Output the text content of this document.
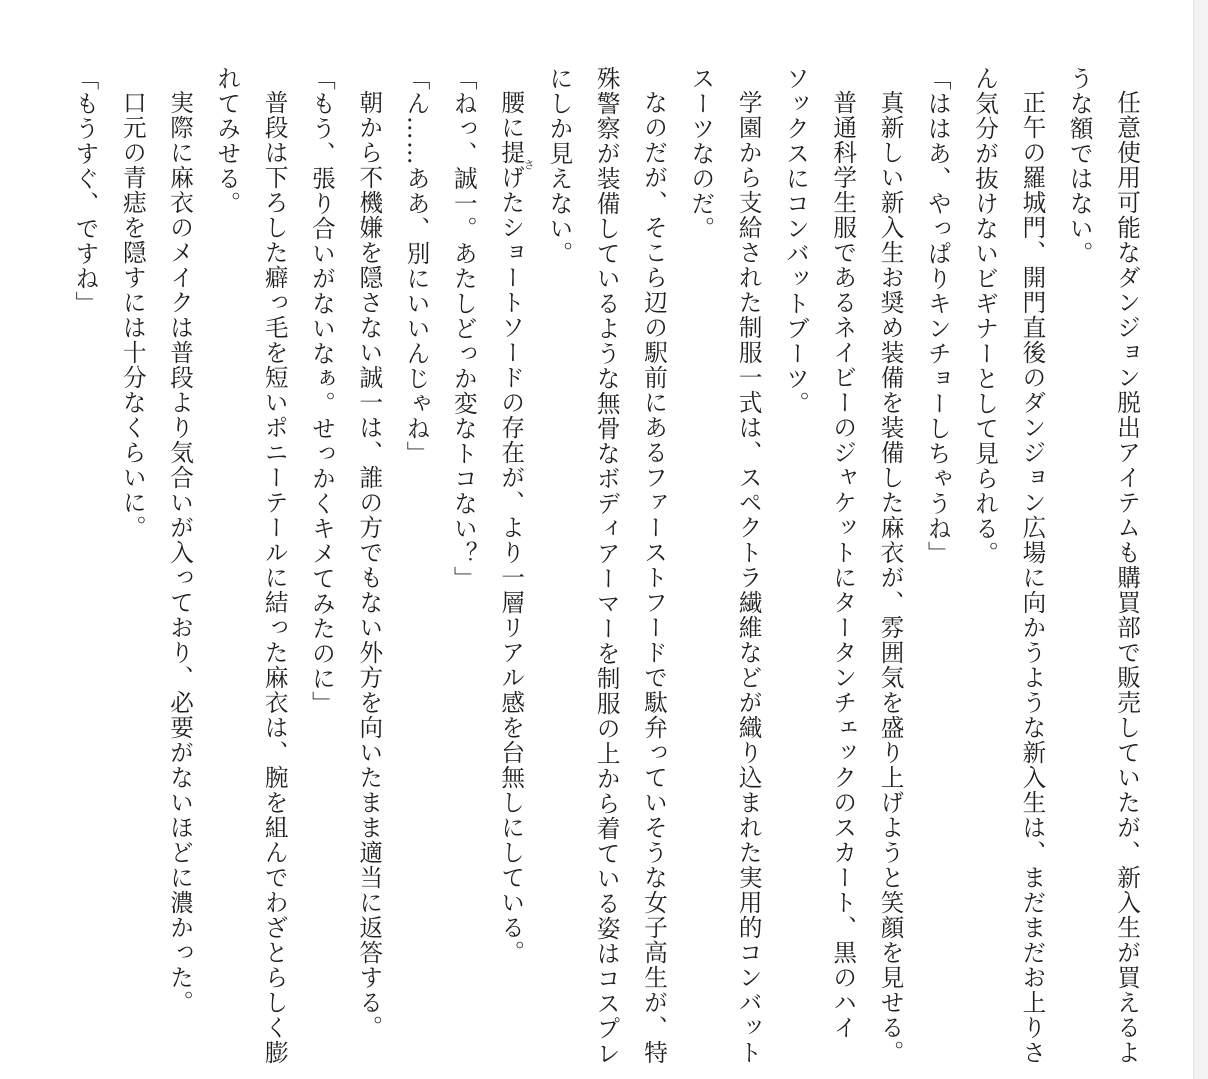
任意使用可能なダンジョン脱出アイテムも購買部で販売していたが、新入生が買えるよ
うな額ではない。
正午の羅城門、開門直後のダンジョン広場に向かうような新入生は、まだまだお上りさ
ん気分が抜けないビギナーとして見られる。
「ははあ、やっぱりキンチョーしちゃうね」
真新しい新入生お奨め装備を装備した麻衣が、雰囲気を盛り上げようと笑顔を見せる。
普通科学生服であるネイビーのジャケットにタータンチェックのスカート、黒のハイ
ソックスにコンバットブーツ。
学園から支給された制服一式は、スペクトラ繊維などが織り込まれた実用的コンバット
スーツなのだ。
なのだが、そこら辺の駅前にあるファーストフードで駄弁っていそうな女子高生が、特
殊警察が装備しているような無骨なボディアーマーを制服の上から着ている姿はコスプレ
にしか見えない。
腰に提げさたショートソードの存在が、より一層リアル感を台無しにしている。
「ねっ、誠一。あたしどっか変なトコない？」
「ん……ああ、別にいいんじゃね」
朝から不機嫌を隠さない誠一は、誰の方でもない外方を向いたまま適当に返答する。
「もう、張り合いがないなぁ。せっかくキメてみたのに」
普段は下ろした癖っ毛を短いポニーテールに結った麻衣は、腕を組んでわざとらしく膨
れてみせる。
実際に麻衣のメイクは普段より気合いが入っており、必要がないほどに濃かった。
口元の青痣を隠すには十分なくらいに。
「もうすぐ、ですね」
